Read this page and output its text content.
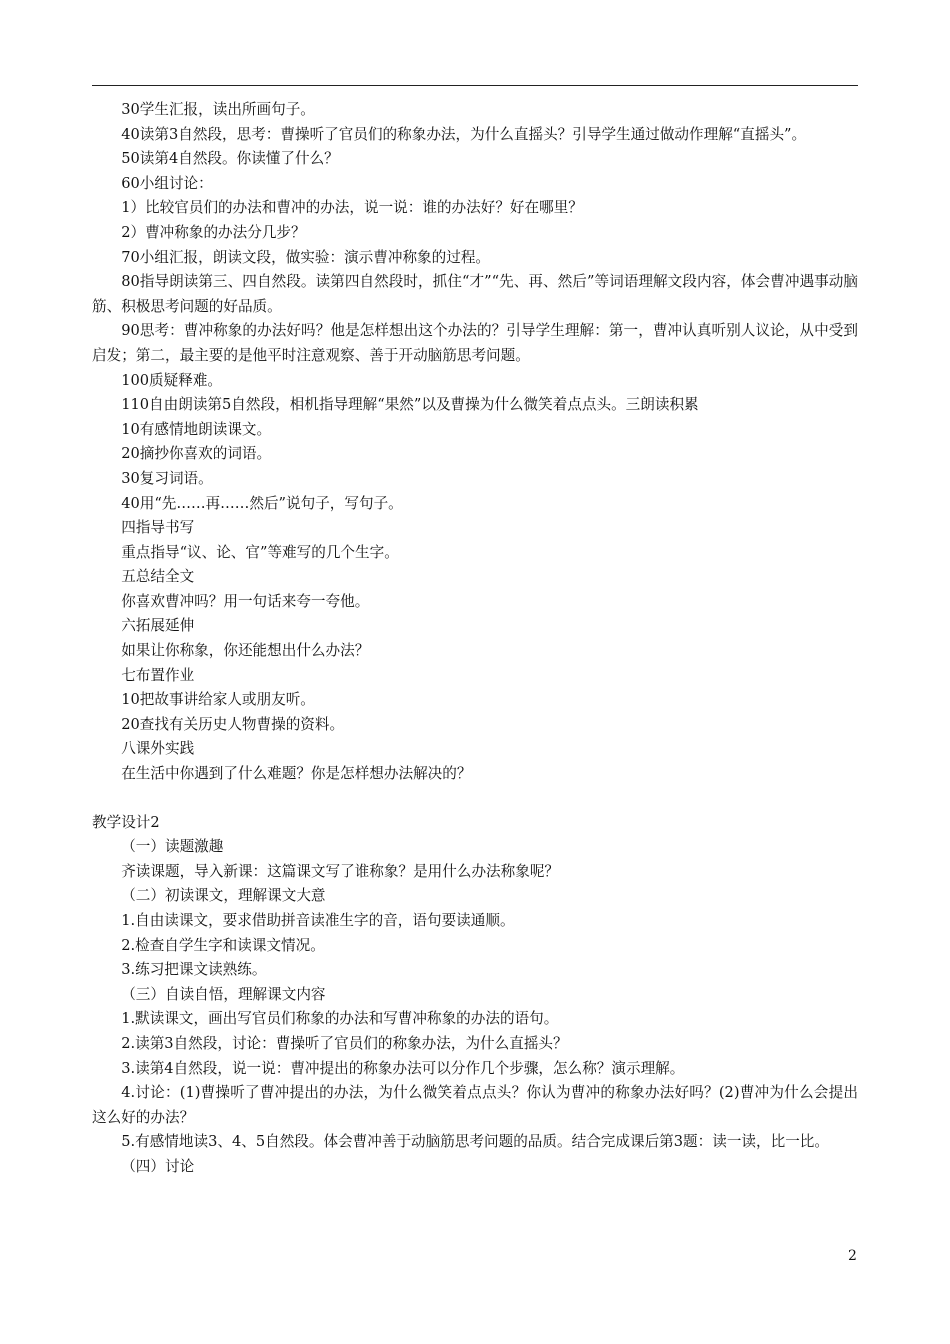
30学生汇报，读出所画句子。

40读第3自然段，思考：曹操听了官员们的称象办法，为什么直摇头？引导学生通过做动作理解“直摇头”。

50读第4自然段。你读懂了什么？

60小组讨论：

1）比较官员们的办法和曹冲的办法，说一说：谁的办法好？好在哪里？

2）曹冲称象的办法分几步？

70小组汇报，朗读文段，做实验：演示曹冲称象的过程。

80指导朗读第三、四自然段。读第四自然段时，抓住“才”“先、再、然后”等词语理解文段内容，体会曹冲遇事动脑筋、积极思考问题的好品质。

90思考：曹冲称象的办法好吗？他是怎样想出这个办法的？引导学生理解：第一，曹冲认真听别人议论，从中受到启发；第二，最主要的是他平时注意观察、善于开动脑筋思考问题。

100质疑释难。

110自由朗读第5自然段，相机指导理解“果然”以及曹操为什么微笑着点点头。三朗读积累

10有感情地朗读课文。

20摘抄你喜欢的词语。

30复习词语。

40用“先……再……然后”说句子，写句子。

四指导书写

重点指导“议、论、官”等难写的几个生字。

五总结全文

你喜欢曹冲吗？用一句话来夸一夸他。

六拓展延伸

如果让你称象，你还能想出什么办法？

七布置作业

10把故事讲给家人或朋友听。

20查找有关历史人物曹操的资料。

八课外实践

在生活中你遇到了什么难题？你是怎样想办法解决的？

教学设计2

（一）读题激趣

齐读课题，导入新课：这篇课文写了谁称象？是用什么办法称象呢？

（二）初读课文，理解课文大意

1.自由读课文，要求借助拼音读准生字的音，语句要读通顺。

2.检查自学生字和读课文情况。

3.练习把课文读熟练。

（三）自读自悟，理解课文内容

1.默读课文，画出写官员们称象的办法和写曹冲称象的办法的语句。

2.读第3自然段，讨论：曹操听了官员们的称象办法，为什么直摇头？

3.读第4自然段，说一说：曹冲提出的称象办法可以分作几个步骤，怎么称？演示理解。

4.讨论：(1)曹操听了曹冲提出的办法，为什么微笑着点点头？你认为曹冲的称象办法好吗？(2)曹冲为什么会提出这么好的办法？

5.有感情地读3、4、5自然段。体会曹冲善于动脑筋思考问题的品质。结合完成课后第3题：读一读，比一比。

（四）讨论

2
